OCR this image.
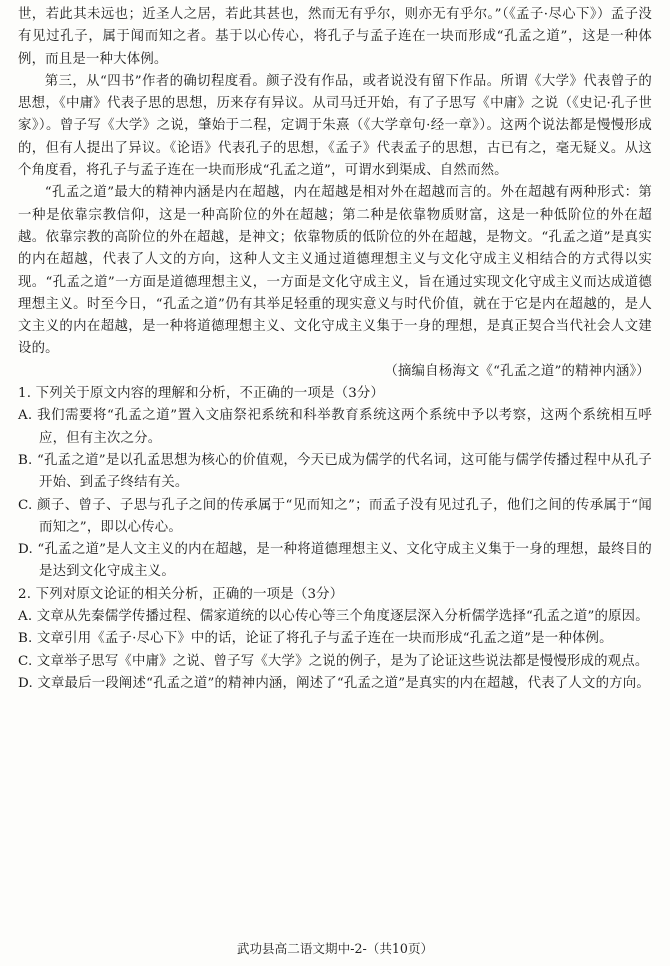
世，若此其未远也；近圣人之居，若此其甚也，然而无有乎尔，则亦无有乎尔。”（《孟子·尽心下》）孟子没有见过孔子，属于闻而知之者。基于以心传心，将孔子与孟子连在一块而形成“孔孟之道”，这是一种体例，而且是一种大体例。

第三，从“四书”作者的确切程度看。颜子没有作品，或者说没有留下作品。所谓《大学》代表曾子的思想，《中庸》代表子思的思想，历来存有异议。从司马迁开始，有了子思写《中庸》之说（《史记·孔子世家》）。曾子写《大学》之说，肇始于二程，定调于朱熹（《大学章句·经一章》）。这两个说法都是慢慢形成的，但有人提出了异议。《论语》代表孔子的思想，《孟子》代表孟子的思想，古已有之，毫无疑义。从这个角度看，将孔子与孟子连在一块而形成“孔孟之道”，可谓水到渠成、自然而然。

“孔孟之道”最大的精神内涵是内在超越，内在超越是相对外在超越而言的。外在超越有两种形式：第一种是依靠宗教信仰，这是一种高阶位的外在超越；第二种是依靠物质财富，这是一种低阶位的外在超越。依靠宗教的高阶位的外在超越，是神文；依靠物质的低阶位的外在超越，是物文。“孔孟之道”是真实的内在超越，代表了人文的方向，这种人文主义通过道德理想主义与文化守成主义相结合的方式得以实现。“孔孟之道”一方面是道德理想主义，一方面是文化守成主义，旨在通过实现文化守成主义而达成道德理想主义。时至今日，“孔孟之道”仍有其举足轻重的现实意义与时代价值，就在于它是内在超越的，是人文主义的内在超越，是一种将道德理想主义、文化守成主义集于一身的理想，是真正契合当代社会人文建设的。

（摘编自杨海文《“孔孟之道”的精神内涵》）

1. 下列关于原文内容的理解和分析，不正确的一项是（3分）

A. 我们需要将“孔孟之道”置入文庙祭祀系统和科举教育系统这两个系统中予以考察，这两个系统相互呼应，但有主次之分。

B. “孔孟之道”是以孔孟思想为核心的价值观，今天已成为儒学的代名词，这可能与儒学传播过程中从孔子开始、到孟子终结有关。

C. 颜子、曾子、子思与孔子之间的传承属于“见而知之”；而孟子没有见过孔子，他们之间的传承属于“闻而知之”，即以心传心。

D. “孔孟之道”是人文主义的内在超越，是一种将道德理想主义、文化守成主义集于一身的理想，最终目的是达到文化守成主义。

2. 下列对原文论证的相关分析，正确的一项是（3分）

A. 文章从先秦儒学传播过程、儒家道统的以心传心等三个角度逐层深入分析儒学选择“孔孟之道”的原因。

B. 文章引用《孟子·尽心下》中的话，论证了将孔子与孟子连在一块而形成“孔孟之道”是一种体例。

C. 文章举子思写《中庸》之说、曾子写《大学》之说的例子，是为了论证这些说法都是慢慢形成的观点。

D. 文章最后一段阐述“孔孟之道”的精神内涵，阐述了“孔孟之道”是真实的内在超越，代表了人文的方向。

武功县高二语文期中-2-（共10页）
